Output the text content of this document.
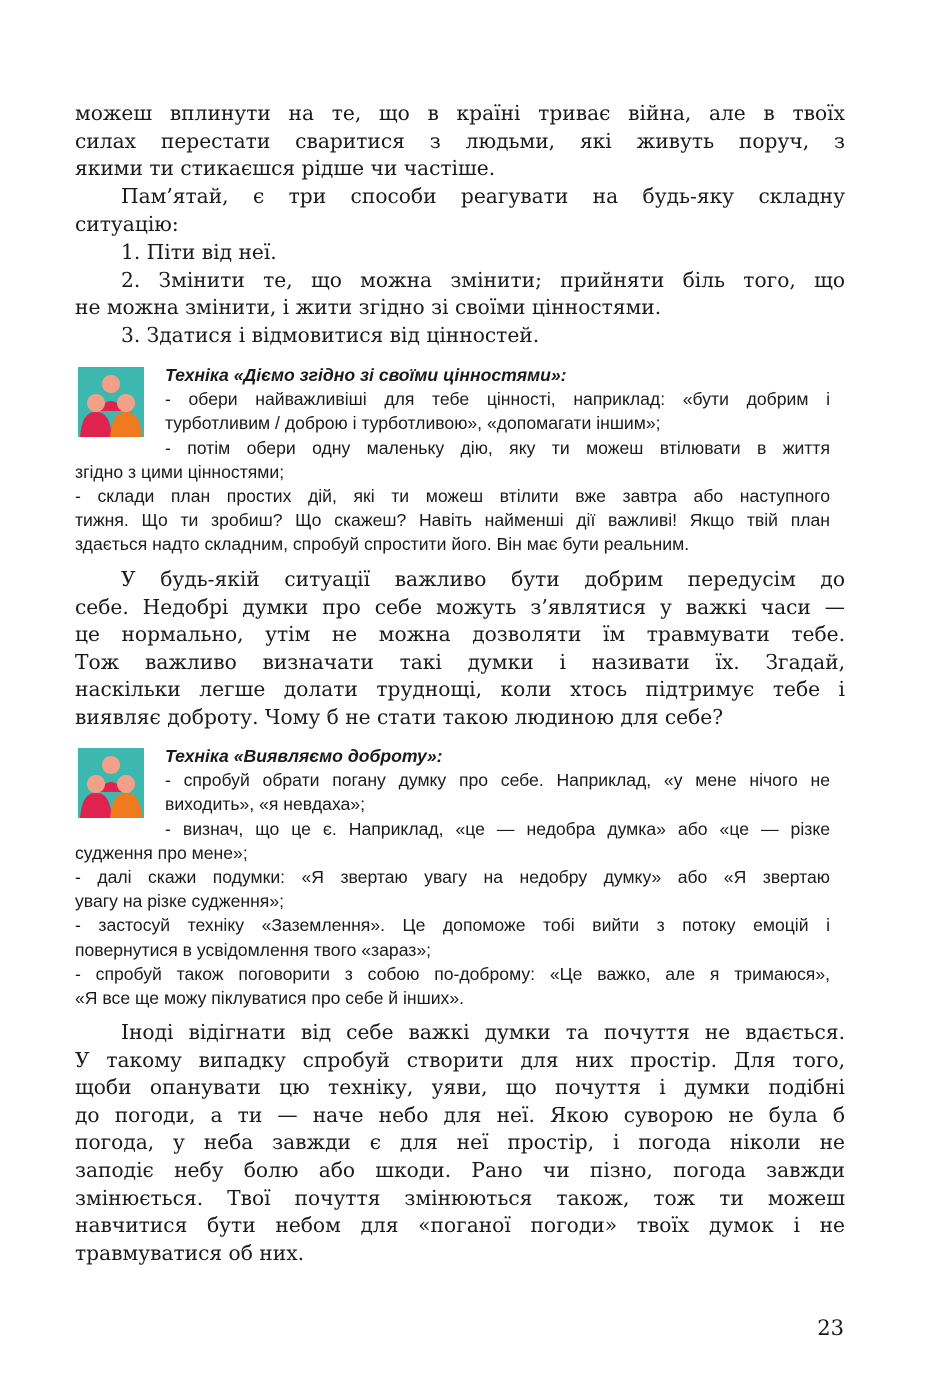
можеш вплинути на те, що в країні триває війна, але в твоїх
силах перестати сваритися з людьми, які живуть поруч, з
якими ти стикаєшся рідше чи частіше.
Пам’ятай, є три способи реагувати на будь-яку складну
ситуацію:
1. Піти від неї.
2. Змінити те, що можна змінити; прийняти біль того, що
не можна змінити, і жити згідно зі своїми цінностями.
3. Здатися і відмовитися від цінностей.
Техніка «Діємо згідно зі своїми цінностями»:
- обери найважливіші для тебе цінності, наприклад: «бути добрим і
турботливим / доброю і турботливою», «допомагати іншим»;
- потім обери одну маленьку дію, яку ти можеш втілювати в життя
згідно з цими цінностями;
- склади план простих дій, які ти можеш втілити вже завтра або наступного
тижня. Що ти зробиш? Що скажеш? Навіть найменші дії важливі! Якщо твій план
здається надто складним, спробуй спростити його. Він має бути реальним.
У будь-якій ситуації важливо бути добрим передусім до
себе. Недобрі думки про себе можуть з’являтися у важкі часи —
це нормально, утім не можна дозволяти їм травмувати тебе.
Тож важливо визначати такі думки і називати їх. Згадай,
наскільки легше долати труднощі, коли хтось підтримує тебе і
виявляє доброту. Чому б не стати такою людиною для себе?
Техніка «Виявляємо доброту»:
- спробуй обрати погану думку про себе. Наприклад, «у мене нічого не
виходить», «я невдаха»;
- визнач, що це є. Наприклад, «це — недобра думка» або «це — різке
судження про мене»;
- далі скажи подумки: «Я звертаю увагу на недобру думку» або «Я звертаю
увагу на різке судження»;
- застосуй техніку «Заземлення». Це допоможе тобі вийти з потоку емоцій і
повернутися в усвідомлення твого «зараз»;
- спробуй також поговорити з собою по-доброму: «Це важко, але я тримаюся»,
«Я все ще можу піклуватися про себе й інших».
Іноді відігнати від себе важкі думки та почуття не вдається.
У такому випадку спробуй створити для них простір. Для того,
щоби опанувати цю техніку, уяви, що почуття і думки подібні
до погоди, а ти — наче небо для неї. Якою суворою не була б
погода, у неба завжди є для неї простір, і погода ніколи не
заподіє небу болю або шкоди. Рано чи пізно, погода завжди
змінюється. Твої почуття змінюються також, тож ти можеш
навчитися бути небом для «поганої погоди» твоїх думок і не
травмуватися об них.
23
